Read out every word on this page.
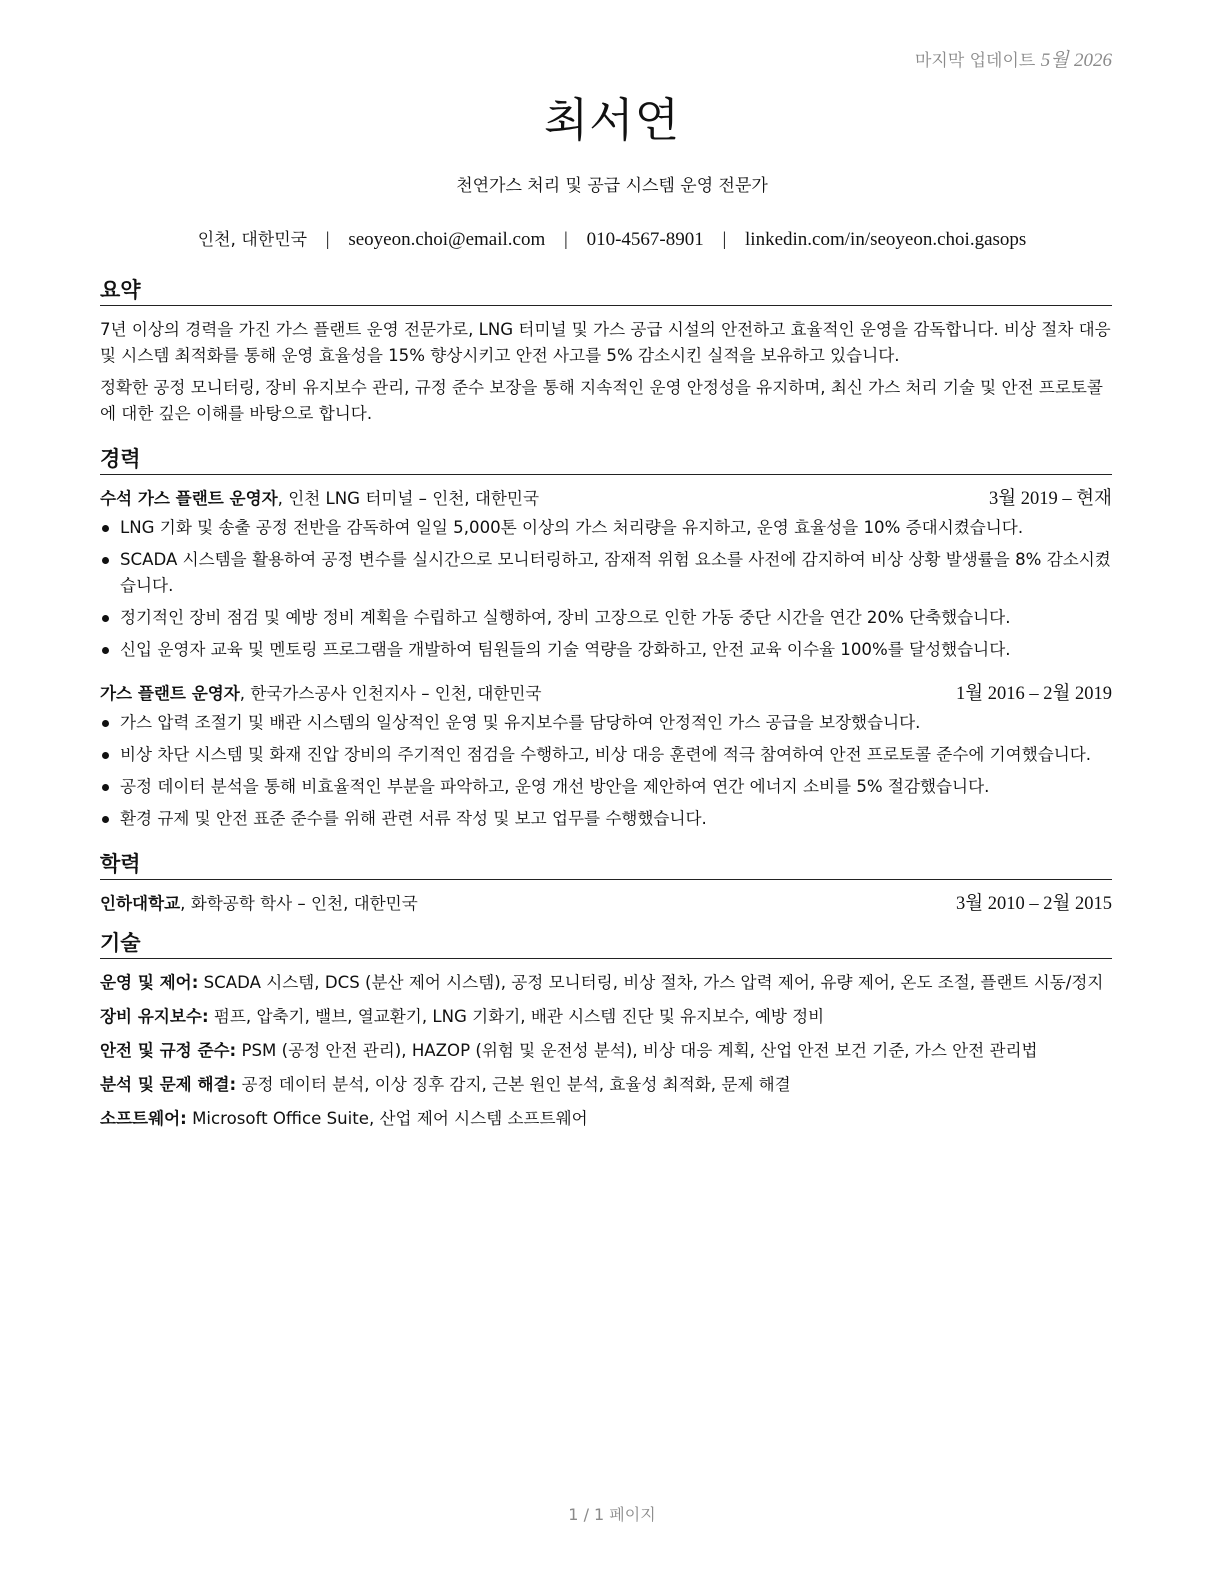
마지막 업데이트 5월 2026
최서연
천연가스 처리 및 공급 시스템 운영 전문가
인천, 대한민국 | seoyeon.choi@email.com | 010-4567-8901 | linkedin.com/in/seoyeon.choi.gasops
요약

7년 이상의 경력을 가진 가스 플랜트 운영 전문가로, LNG 터미널 및 가스 공급 시설의 안전하고 효율적인 운영을 감독합니다. 비상 절차 대응 및 시스템 최적화를 통해 운영 효율성을 15% 향상시키고 안전 사고를 5% 감소시킨 실적을 보유하고 있습니다.

정확한 공정 모니터링, 장비 유지보수 관리, 규정 준수 보장을 통해 지속적인 운영 안정성을 유지하며, 최신 가스 처리 기술 및 안전 프로토콜에 대한 깊은 이해를 바탕으로 합니다.

경력
수석 가스 플랜트 운영자, 인천 LNG 터미널 – 인천, 대한민국	3월 2019 – 현재
LNG 기화 및 송출 공정 전반을 감독하여 일일 5,000톤 이상의 가스 처리량을 유지하고, 운영 효율성을 10% 증대시켰습니다.
SCADA 시스템을 활용하여 공정 변수를 실시간으로 모니터링하고, 잠재적 위험 요소를 사전에 감지하여 비상 상황 발생률을 8% 감소시켰습니다.
정기적인 장비 점검 및 예방 정비 계획을 수립하고 실행하여, 장비 고장으로 인한 가동 중단 시간을 연간 20% 단축했습니다.
신입 운영자 교육 및 멘토링 프로그램을 개발하여 팀원들의 기술 역량을 강화하고, 안전 교육 이수율 100%를 달성했습니다.
가스 플랜트 운영자, 한국가스공사 인천지사 – 인천, 대한민국	1월 2016 – 2월 2019
가스 압력 조절기 및 배관 시스템의 일상적인 운영 및 유지보수를 담당하여 안정적인 가스 공급을 보장했습니다.
비상 차단 시스템 및 화재 진압 장비의 주기적인 점검을 수행하고, 비상 대응 훈련에 적극 참여하여 안전 프로토콜 준수에 기여했습니다.
공정 데이터 분석을 통해 비효율적인 부분을 파악하고, 운영 개선 방안을 제안하여 연간 에너지 소비를 5% 절감했습니다.
환경 규제 및 안전 표준 준수를 위해 관련 서류 작성 및 보고 업무를 수행했습니다.
학력
인하대학교, 화학공학 학사 – 인천, 대한민국	3월 2010 – 2월 2015
기술
운영 및 제어: SCADA 시스템, DCS (분산 제어 시스템), 공정 모니터링, 비상 절차, 가스 압력 제어, 유량 제어, 온도 조절, 플랜트 시동/정지
장비 유지보수: 펌프, 압축기, 밸브, 열교환기, LNG 기화기, 배관 시스템 진단 및 유지보수, 예방 정비
안전 및 규정 준수: PSM (공정 안전 관리), HAZOP (위험 및 운전성 분석), 비상 대응 계획, 산업 안전 보건 기준, 가스 안전 관리법
분석 및 문제 해결: 공정 데이터 분석, 이상 징후 감지, 근본 원인 분석, 효율성 최적화, 문제 해결
소프트웨어: Microsoft Office Suite, 산업 제어 시스템 소프트웨어
1 / 1 페이지
